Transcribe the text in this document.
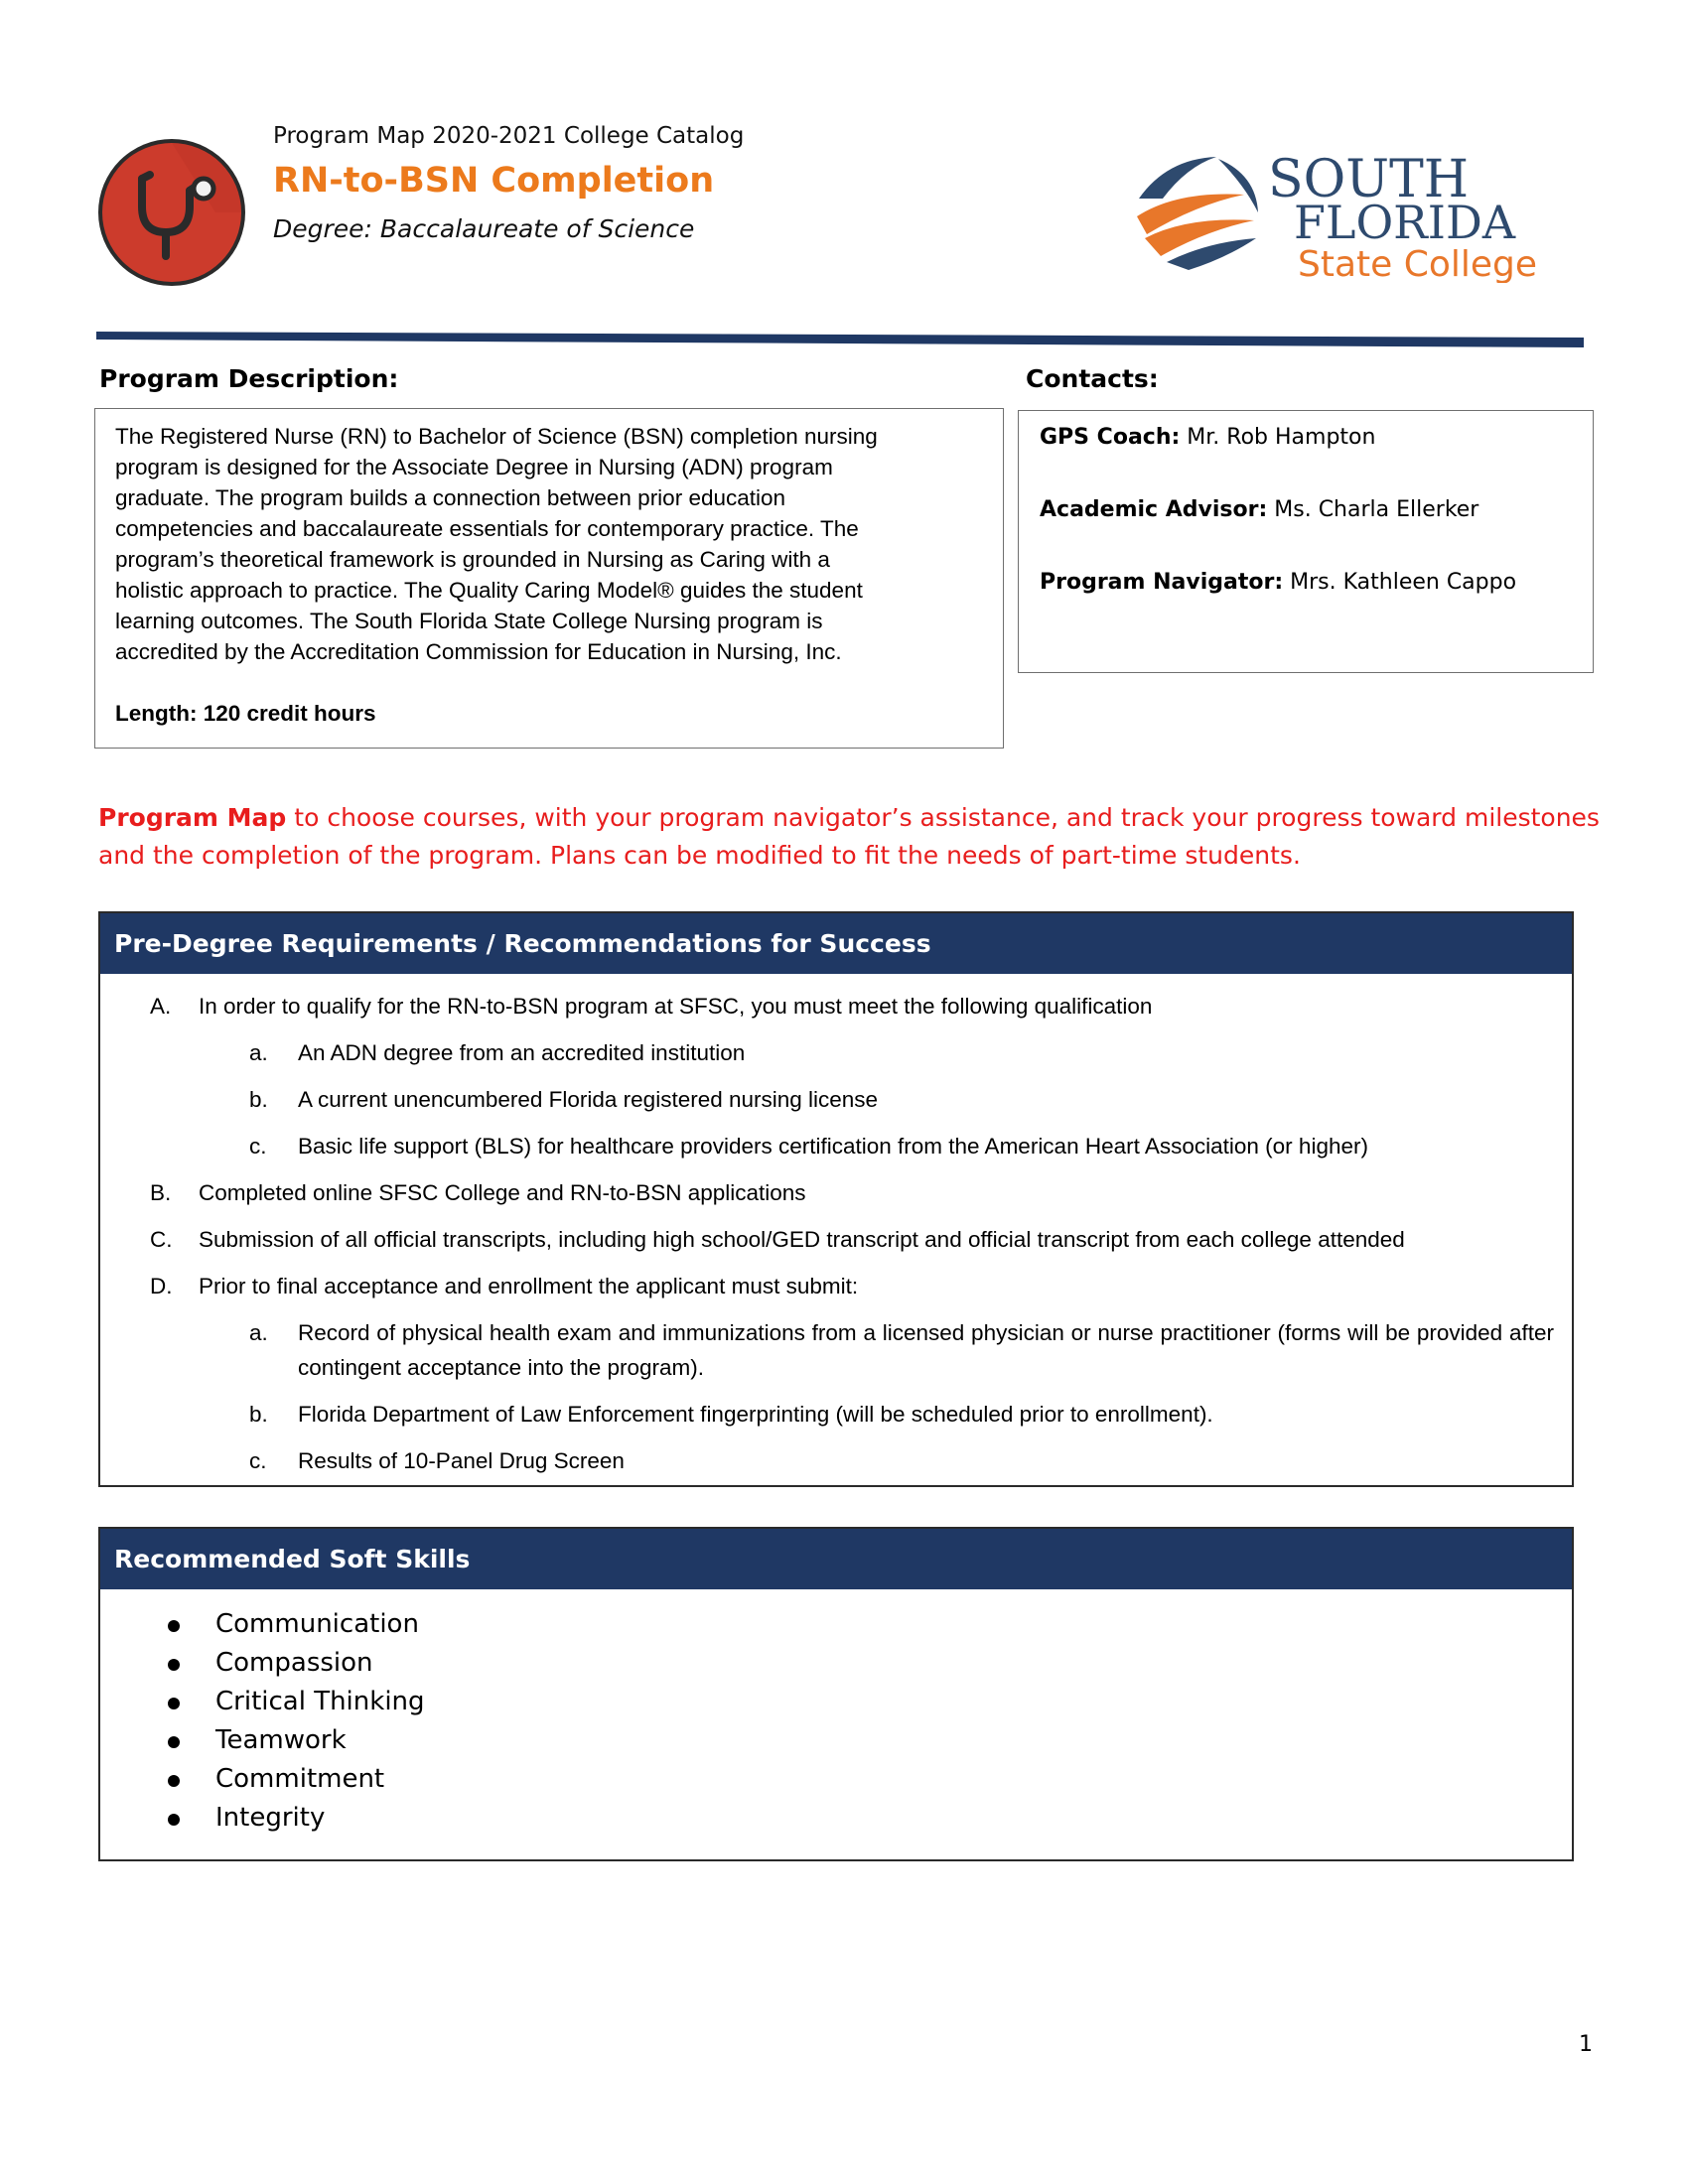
Program Map 2020-2021 College Catalog
RN-to-BSN Completion
Degree: Baccalaureate of Science
SOUTH
FLORIDA
State College
Program Description:	Contacts:
The Registered Nurse (RN) to Bachelor of Science (BSN) completion nursing
program is designed for the Associate Degree in Nursing (ADN) program
graduate. The program builds a connection between prior education
competencies and baccalaureate essentials for contemporary practice. The
program’s theoretical framework is grounded in Nursing as Caring with a
holistic approach to practice. The Quality Caring Model® guides the student
learning outcomes. The South Florida State College Nursing program is
accredited by the Accreditation Commission for Education in Nursing, Inc.
Length: 120 credit hours
GPS Coach: Mr. Rob Hampton
Academic Advisor: Ms. Charla Ellerker
Program Navigator: Mrs. Kathleen Cappo
Program Map to choose courses, with your program navigator’s assistance, and track your progress toward milestones
and the completion of the program. Plans can be modified to fit the needs of part-time students.
Pre-Degree Requirements / Recommendations for Success
A.	In order to qualify for the RN-to-BSN program at SFSC, you must meet the following qualification
a.	An ADN degree from an accredited institution
b.	A current unencumbered Florida registered nursing license
c.	Basic life support (BLS) for healthcare providers certification from the American Heart Association (or higher)
B.	Completed online SFSC College and RN-to-BSN applications
C.	Submission of all official transcripts, including high school/GED transcript and official transcript from each college attended
D.	Prior to final acceptance and enrollment the applicant must submit:
a.	Record of physical health exam and immunizations from a licensed physician or nurse practitioner (forms will be provided after contingent acceptance into the program).
b.	Florida Department of Law Enforcement fingerprinting (will be scheduled prior to enrollment).
c.	Results of 10-Panel Drug Screen
Recommended Soft Skills
Communication
Compassion
Critical Thinking
Teamwork
Commitment
Integrity
1
